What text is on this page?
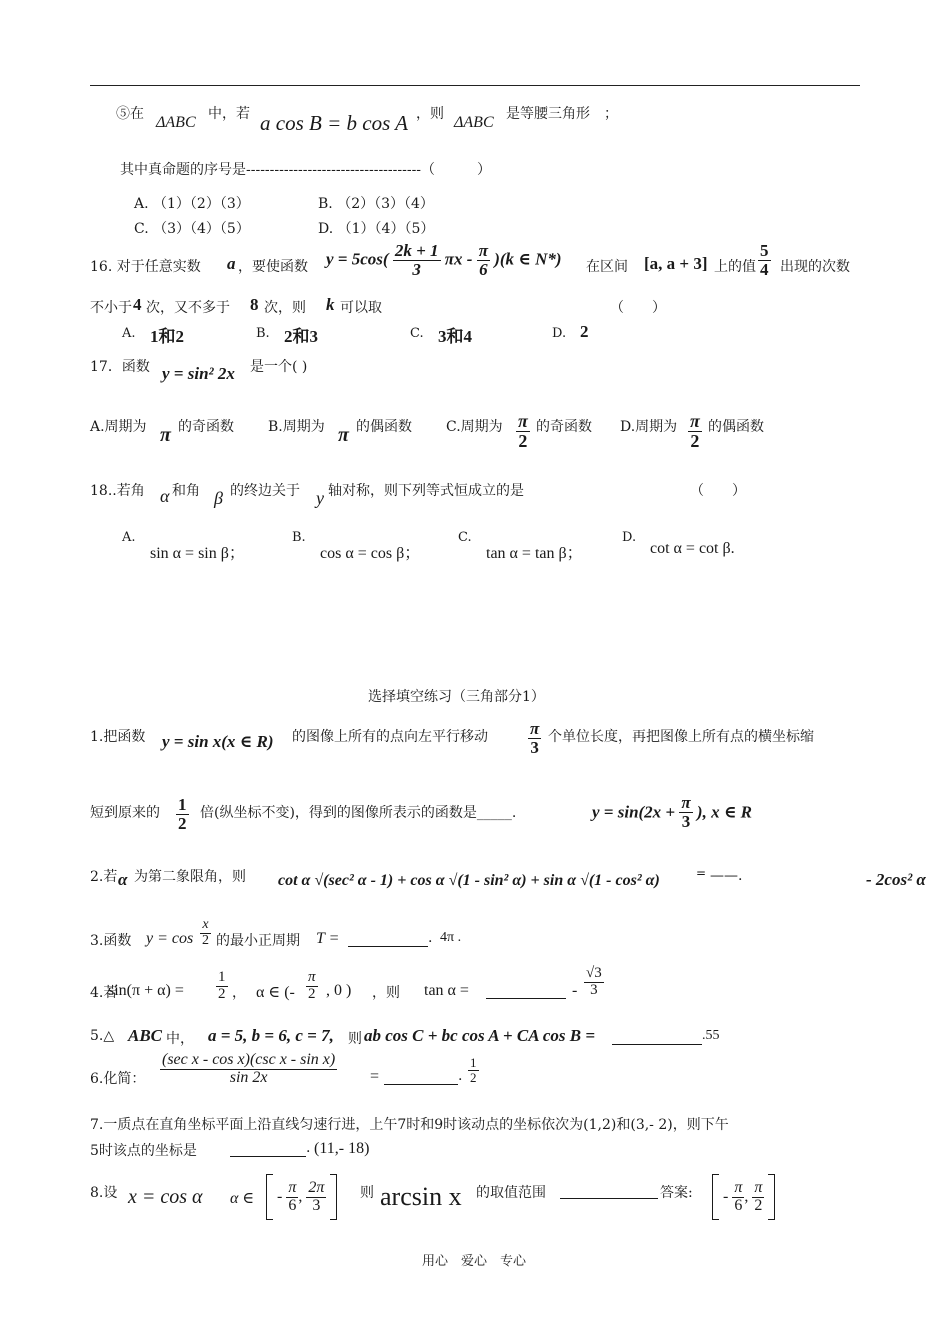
⑤在 ΔABC 中，若 a cos B = b cos A ，则 ΔABC 是等腰三角形　；
其中真命题的序号是-------------------------------------（　　　）
A. （1）（2）（3）	B. （2）（3）（4）
C. （3）（4）（5）	D. （1）（4）（5）
16. 对于任意实数 a ，要使函数 $y = 5\cos( \frac{2k + 1}{3}$ πx - $\frac{\pi}{6} )(k$ ∈ N*) 在区间 [a, a + 3] 上的值 $\frac{5}{4}$ 出现的次数
不小于 4 次，又不多于 8 次，则 k 可以取	（　　）
A. 1和2	B. 2和3	C. 3和4	D. 2
17．函数 y = sin² 2x 是一个( )
A.周期为 π 的奇函数 B.周期为 π 的偶函数 C.周期为 $\frac{\pi}{2}$ 的奇函数 D.周期为 $\frac{\pi}{2}$ 的偶函数
18..若角 α 和角 β 的终边关于 y 轴对称，则下列等式恒成立的是	（　　）
A.
sin α = sin β；
B.
cos α = cos β；
C.
tan α = tan β；
D.
cot α = cot β.
选择填空练习（三角部分1）
1.把函数 y = sin x(x ∈ R) 的图像上所有的点向左平行移动 $\frac{\pi}{3}$ 个单位长度，再把图像上所有点的横坐标缩
短到原来的 $\frac{1}{2}$ 倍(纵坐标不变)，得到的图像所表示的函数是_____.	$y = \sin(2x + \frac{\pi}{3}$ ), x ∈ R
2.若 α 为第二象限角，则 cot α √(sec² α - 1) + cos α √(1 - sin² α) + sin α √(1 - cos² α)	= ——.	- 2cos² α
3.函数 $y = \cos \frac{x}{2}$ 的最小正周期 T =	. 4π .
4.若
$\sin(\pi + \alpha) = \frac{1}{2}$ ， α ∈ (- $\frac{\pi}{2}$ , 0 ) ，则 tan α =	- $\frac{√3}{3}$
5.△ ABC 中， a = 5, b = 6, c = 7, 则 ab cos C + bc cos A + CA cos B =	.55
6.化简：
(sec x - cos x)(csc x - sin x)
sin 2x	=	. $\frac{1}{2}$
7.一质点在直角坐标平面上沿直线匀速行进，上午7时和9时该动点的坐标依次为(1,2)和(3,- 2)，则下午
5时该点的坐标是	. (11,- 18)
8.设 x = cos α α ∈	- $\frac{\pi}{6}$ , $\frac{2\pi}{3}$
则 arcsin x 的取值范围	答案:	- $\frac{\pi}{6}$ , $\frac{\pi}{2}$

用心　爱心　专心
